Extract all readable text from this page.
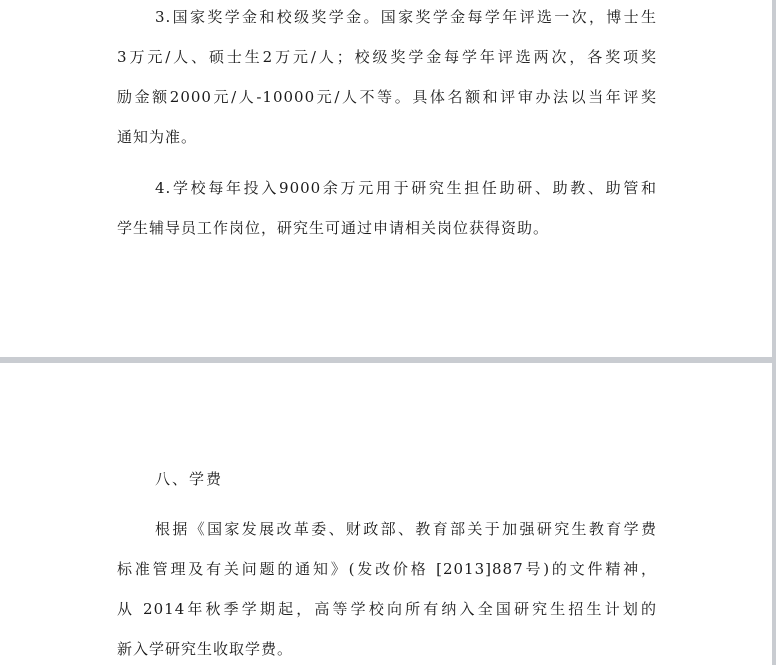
3.国家奖学金和校级奖学金。国家奖学金每学年评选一次，博士生
3万元/人、硕士生2万元/人；校级奖学金每学年评选两次，各奖项奖
励金额2000元/人-10000元/人不等。具体名额和评审办法以当年评奖
通知为准。
4.学校每年投入9000余万元用于研究生担任助研、助教、助管和
学生辅导员工作岗位，研究生可通过申请相关岗位获得资助。
八、学费
根据《国家发展改革委、财政部、教育部关于加强研究生教育学费
标准管理及有关问题的通知》(发改价格 [2013]887号)的文件精神，
从 2014年秋季学期起，高等学校向所有纳入全国研究生招生计划的
新入学研究生收取学费。
